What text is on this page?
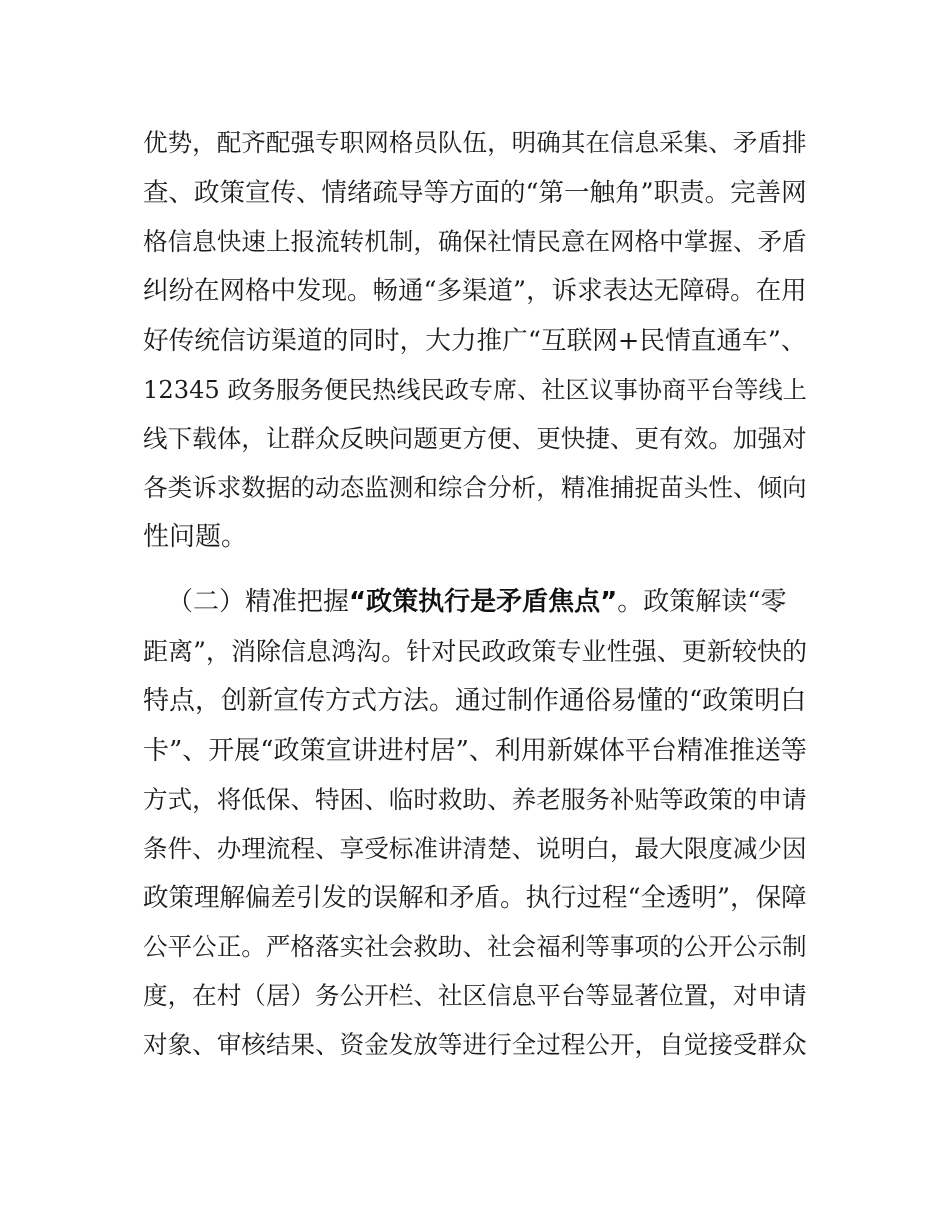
优势，配齐配强专职网格员队伍，明确其在信息采集、矛盾排
查、政策宣传、情绪疏导等方面的“第一触角”职责。完善网
格信息快速上报流转机制，确保社情民意在网格中掌握、矛盾
纠纷在网格中发现。畅通“多渠道”，诉求表达无障碍。在用
好传统信访渠道的同时，大力推广“互联网+民情直通车”、
12345 政务服务便民热线民政专席、社区议事协商平台等线上
线下载体，让群众反映问题更方便、更快捷、更有效。加强对
各类诉求数据的动态监测和综合分析，精准捕捉苗头性、倾向
性问题。
（二）精准把握“政策执行是矛盾焦点”。政策解读“零
距离”，消除信息鸿沟。针对民政政策专业性强、更新较快的
特点，创新宣传方式方法。通过制作通俗易懂的“政策明白
卡”、开展“政策宣讲进村居”、利用新媒体平台精准推送等
方式，将低保、特困、临时救助、养老服务补贴等政策的申请
条件、办理流程、享受标准讲清楚、说明白，最大限度减少因
政策理解偏差引发的误解和矛盾。执行过程“全透明”，保障
公平公正。严格落实社会救助、社会福利等事项的公开公示制
度，在村（居）务公开栏、社区信息平台等显著位置，对申请
对象、审核结果、资金发放等进行全过程公开，自觉接受群众
